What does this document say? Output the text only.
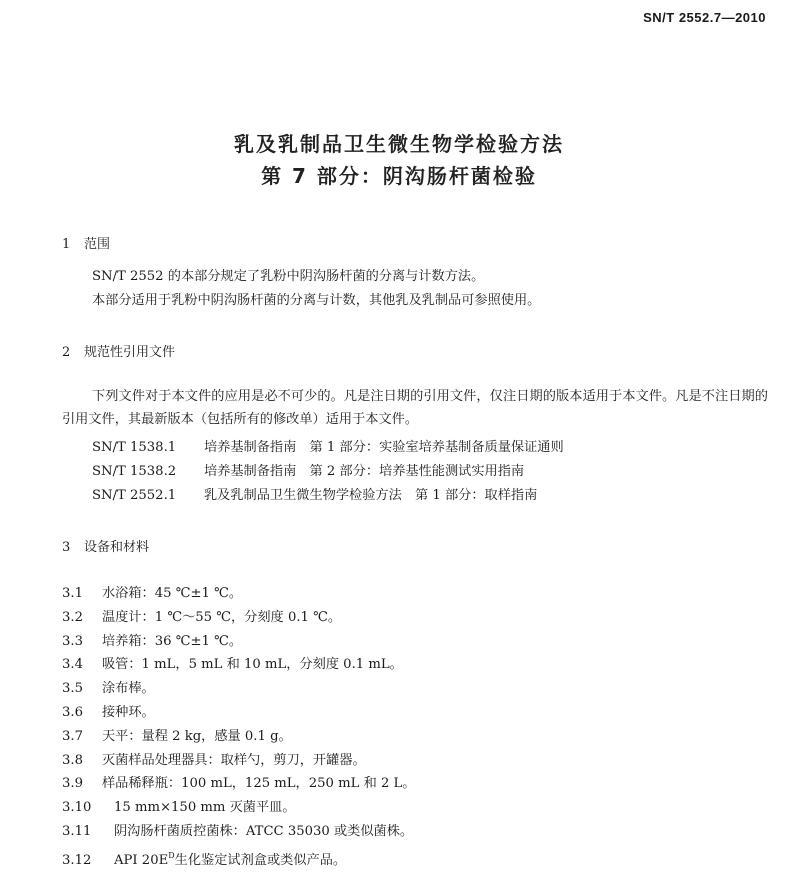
SN/T 2552.7—2010
乳及乳制品卫生微生物学检验方法
第 7 部分：阴沟肠杆菌检验
1 范围
SN/T 2552 的本部分规定了乳粉中阴沟肠杆菌的分离与计数方法。
本部分适用于乳粉中阴沟肠杆菌的分离与计数，其他乳及乳制品可参照使用。
2 规范性引用文件
下列文件对于本文件的应用是必不可少的。凡是注日期的引用文件，仅注日期的版本适用于本文件。凡是不注日期的引用文件，其最新版本（包括所有的修改单）适用于本文件。
SN/T 1538.1 培养基制备指南　第 1 部分：实验室培养基制备质量保证通则
SN/T 1538.2 培养基制备指南　第 2 部分：培养基性能测试实用指南
SN/T 2552.1 乳及乳制品卫生微生物学检验方法　第 1 部分：取样指南
3 设备和材料
3.1 水浴箱：45 ℃±1 ℃。
3.2 温度计：1 ℃～55 ℃，分刻度 0.1 ℃。
3.3 培养箱：36 ℃±1 ℃。
3.4 吸管：1 mL，5 mL 和 10 mL，分刻度 0.1 mL。
3.5 涂布棒。
3.6 接种环。
3.7 天平：量程 2 kg，感量 0.1 g。
3.8 灭菌样品处理器具：取样勺，剪刀，开罐器。
3.9 样品稀释瓶：100 mL，125 mL，250 mL 和 2 L。
3.10 15 mm×150 mm 灭菌平皿。
3.11 阴沟肠杆菌质控菌株：ATCC 35030 或类似菌株。
3.12 API $20E^D$生化鉴定试剂盒或类似产品。
